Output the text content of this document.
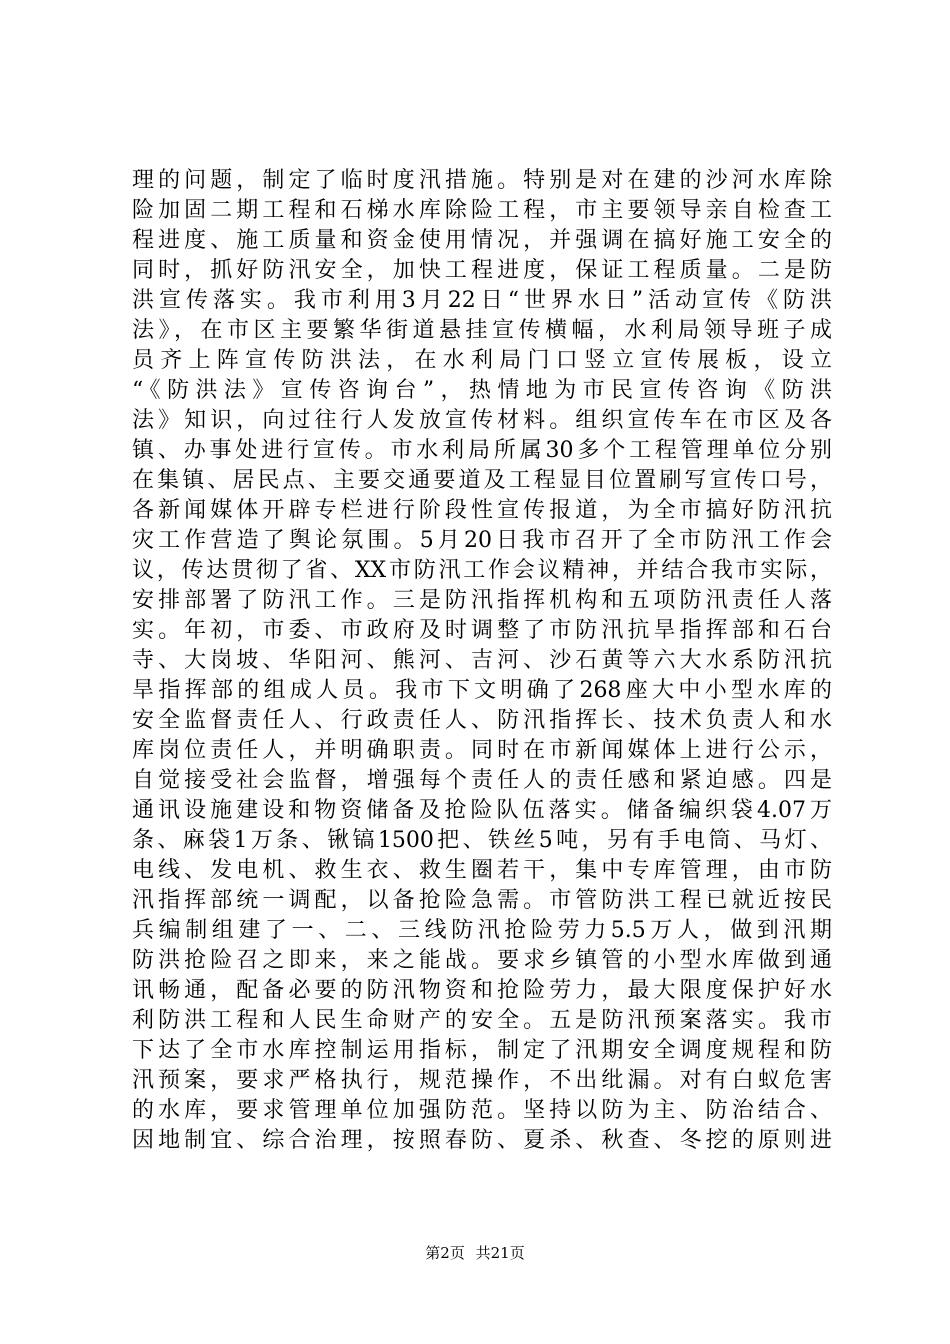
理的问题，制定了临时度汛措施。特别是对在建的沙河水库除
险加固二期工程和石梯水库除险工程，市主要领导亲自检查工
程进度、施工质量和资金使用情况，并强调在搞好施工安全的
同时，抓好防汛安全，加快工程进度，保证工程质量。二是防
洪宣传落实。我市利用3月22日“世界水日”活动宣传《防洪
法》，在市区主要繁华街道悬挂宣传横幅，水利局领导班子成
员齐上阵宣传防洪法，在水利局门口竖立宣传展板，设立
“《防洪法》宣传咨询台”，热情地为市民宣传咨询《防洪
法》知识，向过往行人发放宣传材料。组织宣传车在市区及各
镇、办事处进行宣传。市水利局所属30多个工程管理单位分别
在集镇、居民点、主要交通要道及工程显目位置刷写宣传口号，
各新闻媒体开辟专栏进行阶段性宣传报道，为全市搞好防汛抗
灾工作营造了舆论氛围。5月20日我市召开了全市防汛工作会
议，传达贯彻了省、XX市防汛工作会议精神，并结合我市实际，
安排部署了防汛工作。三是防汛指挥机构和五项防汛责任人落
实。年初，市委、市政府及时调整了市防汛抗旱指挥部和石台
寺、大岗坡、华阳河、熊河、吉河、沙石黄等六大水系防汛抗
旱指挥部的组成人员。我市下文明确了268座大中小型水库的
安全监督责任人、行政责任人、防汛指挥长、技术负责人和水
库岗位责任人，并明确职责。同时在市新闻媒体上进行公示，
自觉接受社会监督，增强每个责任人的责任感和紧迫感。四是
通讯设施建设和物资储备及抢险队伍落实。储备编织袋4.07万
条、麻袋1万条、锹镐1500把、铁丝5吨，另有手电筒、马灯、
电线、发电机、救生衣、救生圈若干，集中专库管理，由市防
汛指挥部统一调配，以备抢险急需。市管防洪工程已就近按民
兵编制组建了一、二、三线防汛抢险劳力5.5万人，做到汛期
防洪抢险召之即来，来之能战。要求乡镇管的小型水库做到通
讯畅通，配备必要的防汛物资和抢险劳力，最大限度保护好水
利防洪工程和人民生命财产的安全。五是防汛预案落实。我市
下达了全市水库控制运用指标，制定了汛期安全调度规程和防
汛预案，要求严格执行，规范操作，不出纰漏。对有白蚁危害
的水库，要求管理单位加强防范。坚持以防为主、防治结合、
因地制宜、综合治理，按照春防、夏杀、秋查、冬挖的原则进
第2页 共21页
